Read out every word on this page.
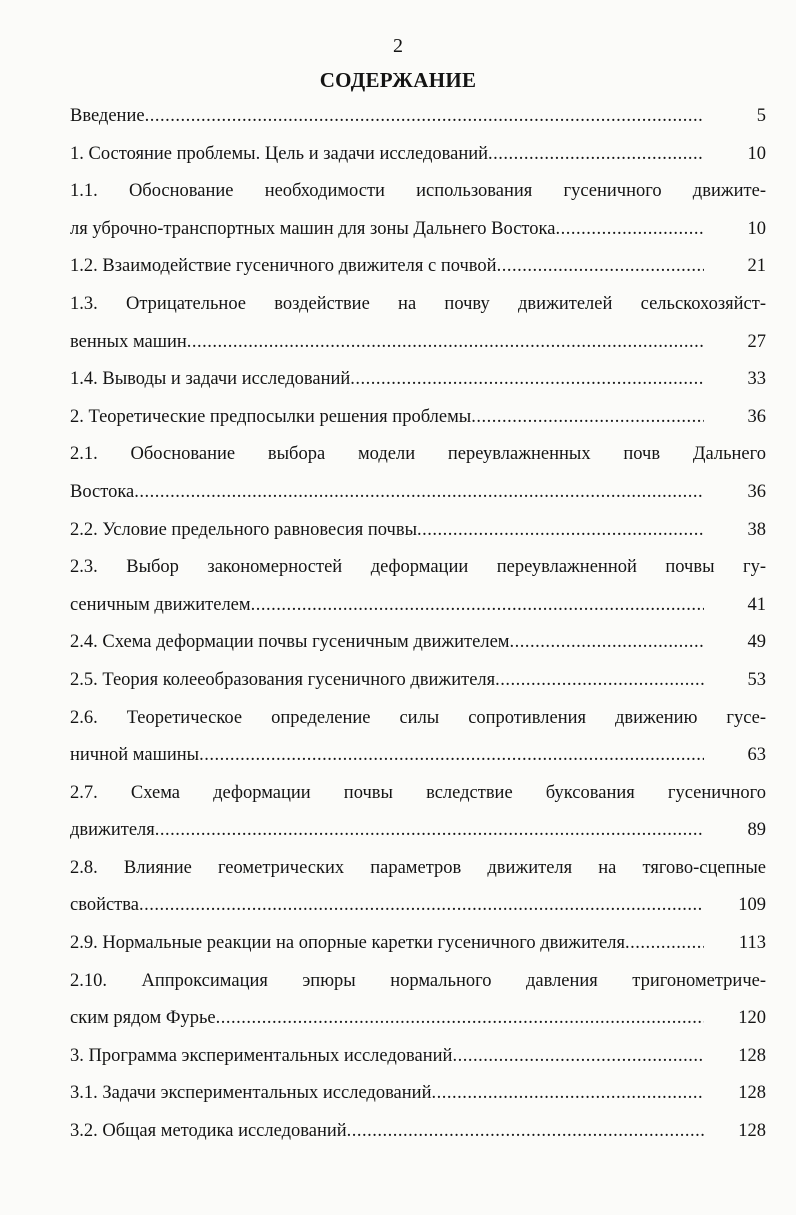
2
СОДЕРЖАНИЕ
Введение .....	5
1. Состояние проблемы. Цель и задачи исследований .....	10
1.1. Обоснование необходимости использования гусеничного движите-
ля уброчно-транспортных машин для зоны Дальнего Востока .....	10
1.2. Взаимодействие гусеничного движителя с почвой .....	21
1.3. Отрицательное воздействие на почву движителей сельскохозяйст-
венных машин .....	27
1.4. Выводы и задачи исследований .....	33
2. Теоретические предпосылки решения проблемы .....	36
2.1. Обоснование выбора модели переувлажненных почв Дальнего
Востока .....	36
2.2. Условие предельного равновесия почвы .....	38
2.3. Выбор закономерностей деформации переувлажненной почвы гу-
сеничным движителем .....	41
2.4. Схема деформации почвы гусеничным движителем .....	49
2.5. Теория колееобразования гусеничного движителя .....	53
2.6. Теоретическое определение силы сопротивления движению гусе-
ничной машины .....	63
2.7. Схема деформации почвы вследствие буксования гусеничного
движителя .....	89
2.8. Влияние геометрических параметров движителя на тягово-сцепные
свойства .....	109
2.9. Нормальные реакции на опорные каретки гусеничного движителя .....	113
2.10. Аппроксимация эпюры нормального давления тригонометриче-
ским рядом Фурье .....	120
3. Программа экспериментальных исследований .....	128
3.1. Задачи экспериментальных исследований .....	128
3.2. Общая методика исследований .....	128
